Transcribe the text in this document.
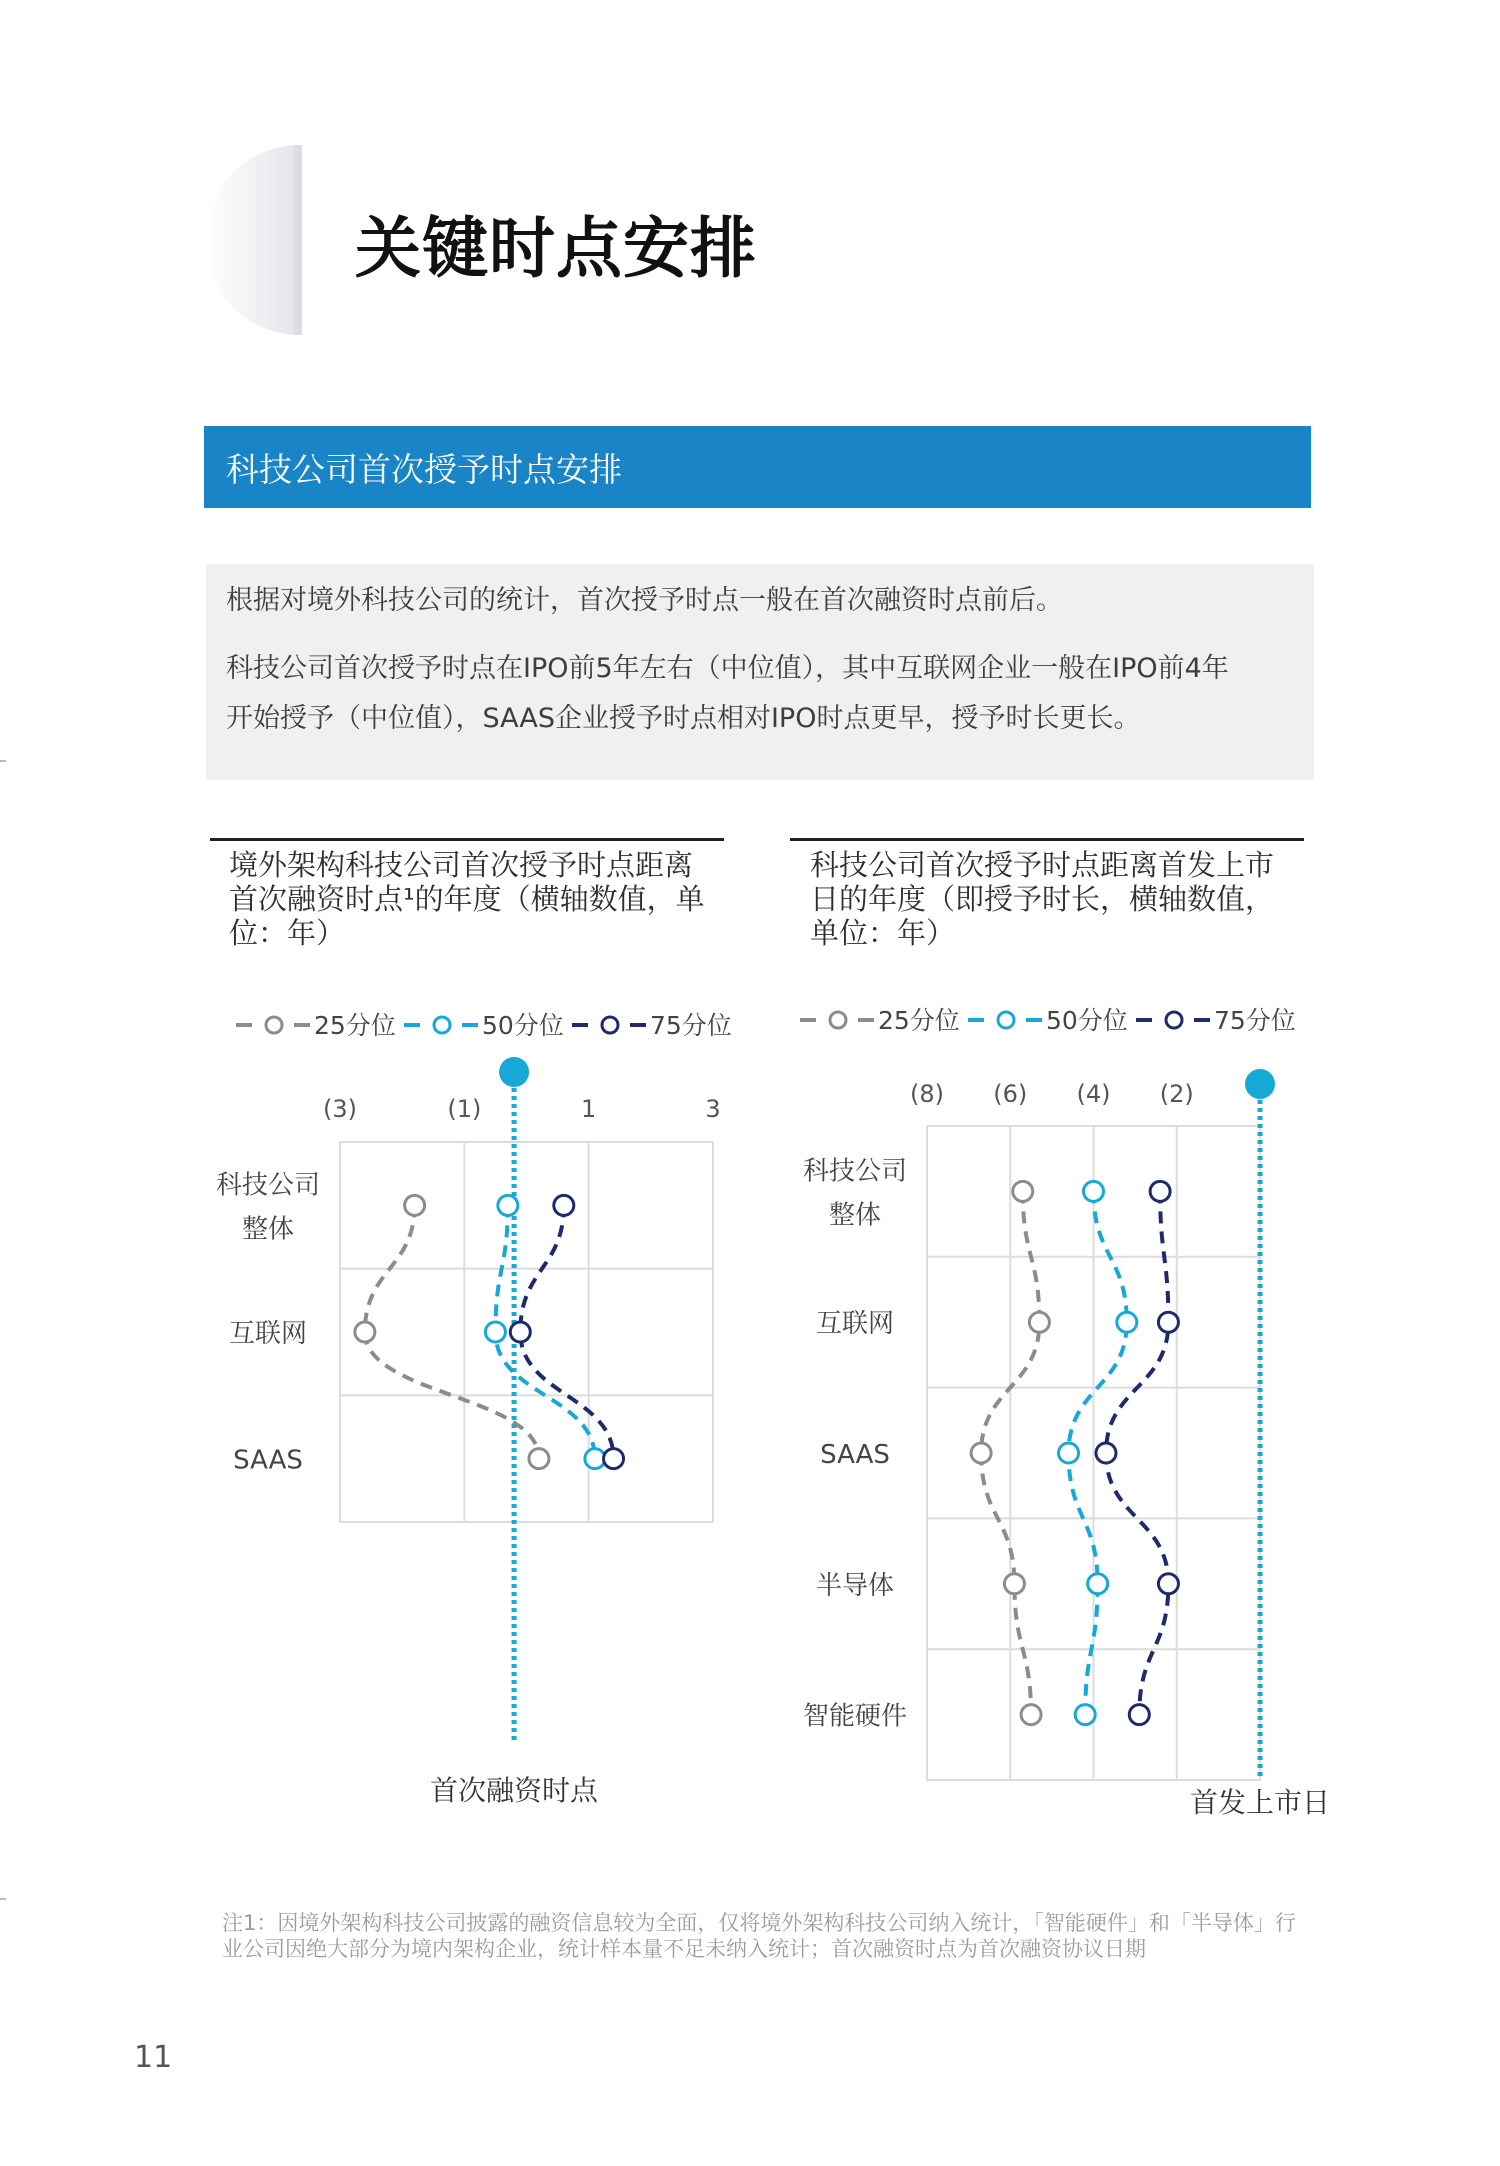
关键时点安排
科技公司首次授予时点安排

根据对境外科技公司的统计，首次授予时点一般在首次融资时点前后。

科技公司首次授予时点在IPO前5年左右（中位值），其中互联网企业一般在IPO前4年

开始授予（中位值），SAAS企业授予时点相对IPO时点更早，授予时长更长。

境外架构科技公司首次授予时点距离
首次融资时点¹的年度（横轴数值，单
位：年）
科技公司首次授予时点距离首发上市
日的年度（即授予时长，横轴数值，
单位：年）
(3)	(1)	1	3
科技公司
整体
互联网
SAAS
首次融资时点
25分位	50分位	75分位
(8) (6) (4) (2)
科技公司
整体
互联网
SAAS
半导体
智能硬件
首发上市日
25分位	50分位	75分位
注1：因境外架构科技公司披露的融资信息较为全面，仅将境外架构科技公司纳入统计，「智能硬件」和「半导体」行业公司因绝大部分为境内架构企业，统计样本量不足未纳入统计；首次融资时点为首次融资协议日期
11
